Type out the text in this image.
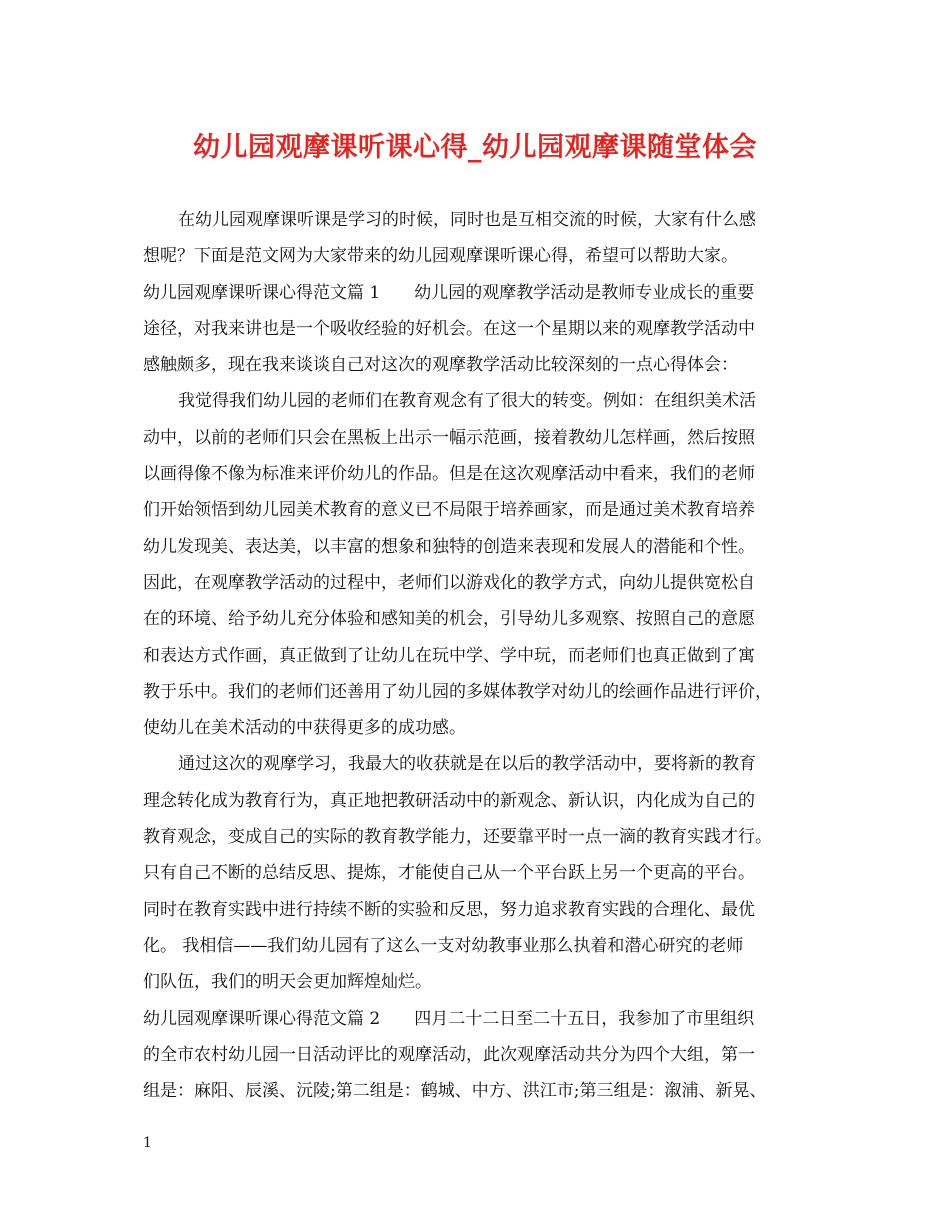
幼儿园观摩课听课心得_幼儿园观摩课随堂体会
在幼儿园观摩课听课是学习的时候，同时也是互相交流的时候，大家有什么感
想呢？下面是范文网为大家带来的幼儿园观摩课听课心得，希望可以帮助大家。
幼儿园观摩课听课心得范文篇 1 幼儿园的观摩教学活动是教师专业成长的重要
途径，对我来讲也是一个吸收经验的好机会。在这一个星期以来的观摩教学活动中
感触颇多，现在我来谈谈自己对这次的观摩教学活动比较深刻的一点心得体会：
我觉得我们幼儿园的老师们在教育观念有了很大的转变。例如：在组织美术活
动中，以前的老师们只会在黑板上出示一幅示范画，接着教幼儿怎样画，然后按照
以画得像不像为标准来评价幼儿的作品。但是在这次观摩活动中看来，我们的老师
们开始领悟到幼儿园美术教育的意义已不局限于培养画家，而是通过美术教育培养
幼儿发现美、表达美，以丰富的想象和独特的创造来表现和发展人的潜能和个性。
因此，在观摩教学活动的过程中，老师们以游戏化的教学方式，向幼儿提供宽松自
在的环境、给予幼儿充分体验和感知美的机会，引导幼儿多观察、按照自己的意愿
和表达方式作画，真正做到了让幼儿在玩中学、学中玩，而老师们也真正做到了寓
教于乐中。我们的老师们还善用了幼儿园的多媒体教学对幼儿的绘画作品进行评价，
使幼儿在美术活动的中获得更多的成功感。
通过这次的观摩学习，我最大的收获就是在以后的教学活动中，要将新的教育
理念转化成为教育行为，真正地把教研活动中的新观念、新认识，内化成为自己的
教育观念，变成自己的实际的教育教学能力，还要靠平时一点一滴的教育实践才行。
只有自己不断的总结反思、提炼，才能使自己从一个平台跃上另一个更高的平台。
同时在教育实践中进行持续不断的实验和反思，努力追求教育实践的合理化、最优
化。 我相信——我们幼儿园有了这么一支对幼教事业那么执着和潜心研究的老师
们队伍，我们的明天会更加辉煌灿烂。
幼儿园观摩课听课心得范文篇 2 四月二十二日至二十五日，我参加了市里组织
的全市农村幼儿园一日活动评比的观摩活动，此次观摩活动共分为四个大组，第一
组是：麻阳、辰溪、沅陵;第二组是：鹤城、中方、洪江市;第三组是：溆浦、新晃、
1
